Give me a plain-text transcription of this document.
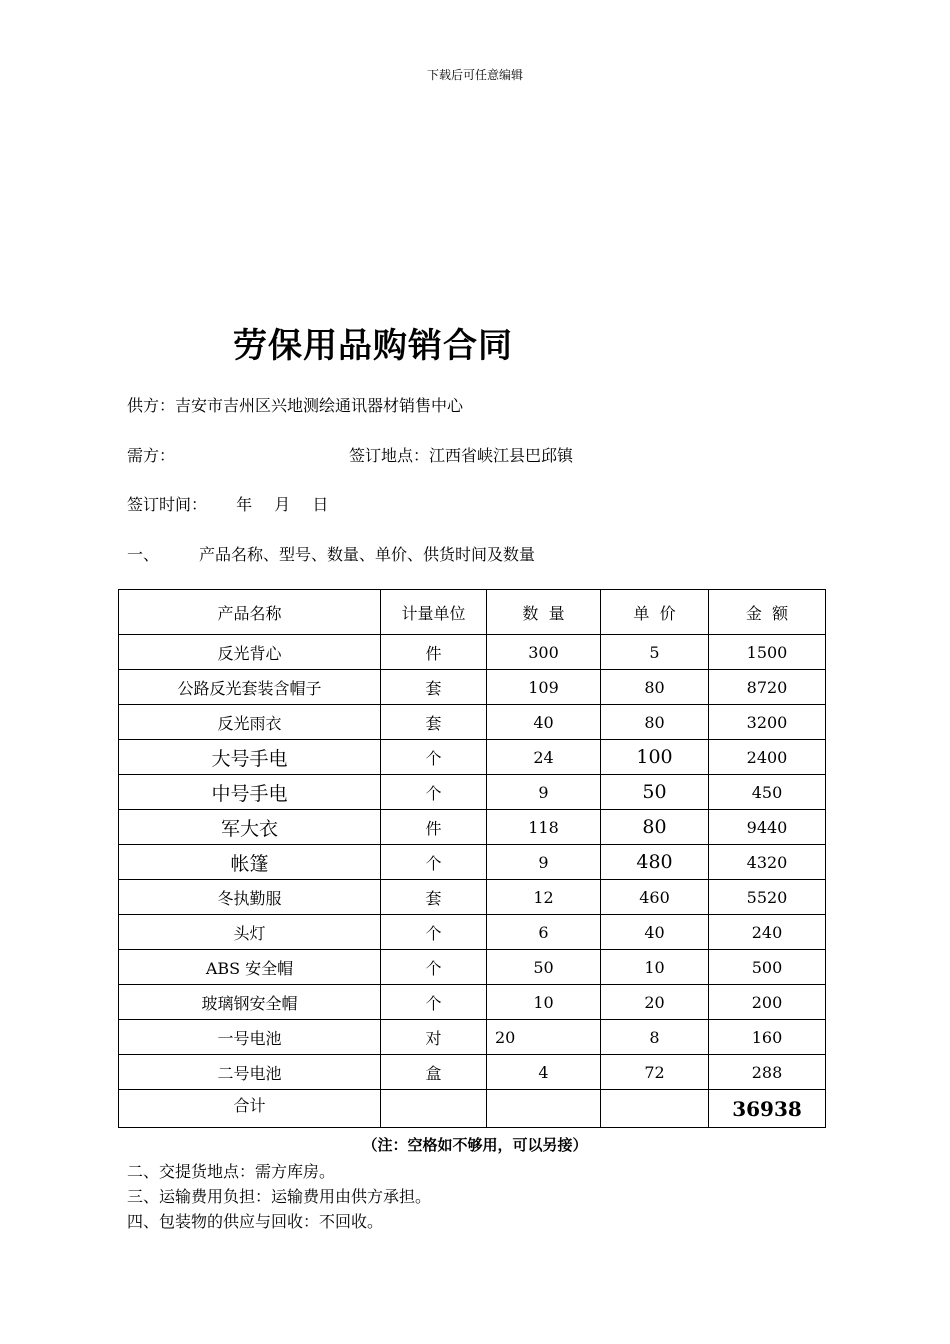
下载后可任意编辑
劳保用品购销合同
供方：吉安市吉州区兴地测绘通讯器材销售中心
需方：	签订地点：江西省峡江县巴邱镇
签订时间： 年 月 日
一、	产品名称、型号、数量、单价、供货时间及数量
产品名称	计量单位	数  量	单  价	金  额
反光背心	件	300	5	1500
公路反光套装含帽子	套	109	80	8720
反光雨衣	套	40	80	3200
大号手电	个	24	100	2400
中号手电	个	9	50	450
军大衣	件	118	80	9440
帐篷	个	9	480	4320
冬执勤服	套	12	460	5520
头灯	个	6	40	240
ABS 安全帽	个	50	10	500
玻璃钢安全帽	个	10	20	200
一号电池	对	20	8	160
二号电池	盒	4	72	288
合计				36938
（注：空格如不够用，可以另接）
二、交提货地点：需方库房。
三、运输费用负担：运输费用由供方承担。
四、包装物的供应与回收：不回收。
